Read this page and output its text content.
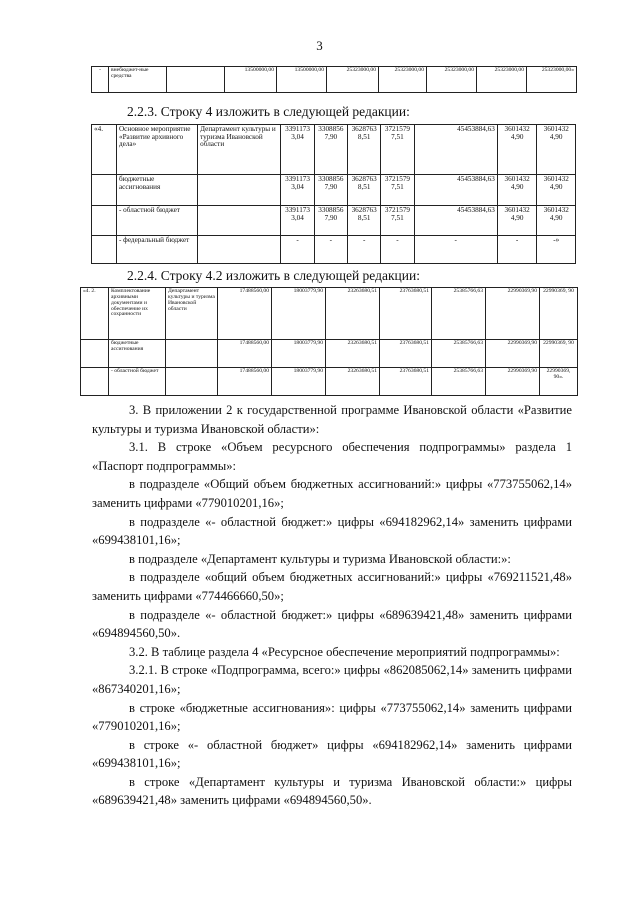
3
-	внебюджет-ные средства		13500000,00	13500000,00	25323000,00	25323000,00	25323000,00	25323000,00	25323000,00»
2.2.3. Строку 4 изложить в следующей редакции:
«4.	Основное мероприятие «Развитие архивного дела»	Департамент культуры и туризма Ивановской области	3391173 3,04	3308856 7,90	3628763 8,51	3721579 7,51	45453884,63	3601432 4,90	3601432 4,90
	бюджетные ассигнования		3391173 3,04	3308856 7,90	3628763 8,51	3721579 7,51	45453884,63	3601432 4,90	3601432 4,90
	- областной бюджет		3391173 3,04	3308856 7,90	3628763 8,51	3721579 7,51	45453884,63	3601432 4,90	3601432 4,90
	- федеральный бюджет		-	-	-	-	-	-	-»
2.2.4. Строку 4.2 изложить в следующей редакции:
«4. 2.	Комплектование архивными документами и обеспечение их сохранности	Департамент культуры и туризма Ивановской области	17488560,00	18003779,90	23263680,51	23763680,51	25385766,63	22990369,90	22990369, 90
	бюджетные ассигнования		17488560,00	18003779,90	23263680,51	23763680,51	25385766,63	22990369,90	22990369, 90
	- областной бюджет		17488560,00	18003779,90	23263680,51	23763680,51	25385766,63	22990369,90	22990369, 90».

3. В приложении 2 к государственной программе Ивановской области «Развитие культуры и туризма Ивановской области»:

3.1. В строке «Объем ресурсного обеспечения подпрограммы» раздела 1 «Паспорт подпрограммы»:

в подразделе «Общий объем бюджетных ассигнований:» цифры «773755062,14» заменить цифрами «779010201,16»;

в подразделе «- областной бюджет:» цифры «694182962,14» заменить цифрами «699438101,16»;

в подразделе «Департамент культуры и туризма Ивановской области:»:

в подразделе «общий объем бюджетных ассигнований:» цифры «769211521,48» заменить цифрами «774466660,50»;

в подразделе «- областной бюджет:» цифры «689639421,48» заменить цифрами «694894560,50».

3.2. В таблице раздела 4 «Ресурсное обеспечение мероприятий подпрограммы»:

3.2.1. В строке «Подпрограмма, всего:» цифры «862085062,14» заменить цифрами «867340201,16»;

в строке «бюджетные ассигнования»: цифры «773755062,14» заменить цифрами «779010201,16»;

в строке «- областной бюджет» цифры «694182962,14» заменить цифрами «699438101,16»;

в строке «Департамент культуры и туризма Ивановской области:» цифры «689639421,48» заменить цифрами «694894560,50».
